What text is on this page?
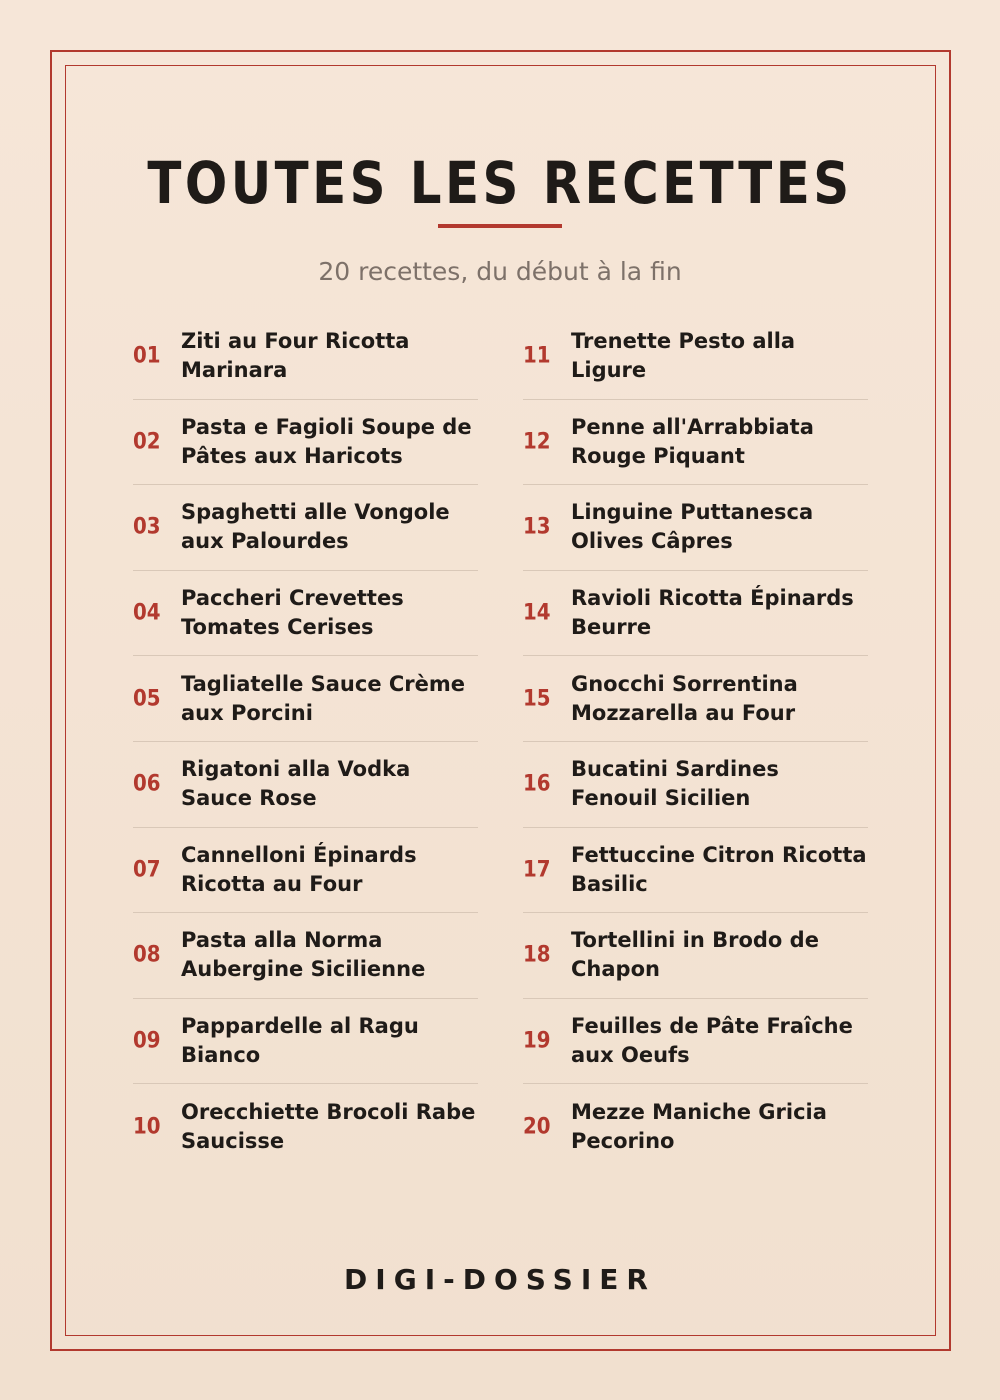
TOUTES LES RECETTES
20 recettes, du début à la fin
01
Ziti au Four Ricotta Marinara
02
Pasta e Fagioli Soupe de Pâtes aux Haricots
03
Spaghetti alle Vongole aux Palourdes
04
Paccheri Crevettes Tomates Cerises
05
Tagliatelle Sauce Crème aux Porcini
06
Rigatoni alla Vodka Sauce Rose
07
Cannelloni Épinards Ricotta au Four
08
Pasta alla Norma Aubergine Sicilienne
09
Pappardelle al Ragu Bianco
10
Orecchiette Brocoli Rabe Saucisse
11
Trenette Pesto alla Ligure
12
Penne all'Arrabbiata Rouge Piquant
13
Linguine Puttanesca Olives Câpres
14
Ravioli Ricotta Épinards Beurre
15
Gnocchi Sorrentina Mozzarella au Four
16
Bucatini Sardines Fenouil Sicilien
17
Fettuccine Citron Ricotta Basilic
18
Tortellini in Brodo de Chapon
19
Feuilles de Pâte Fraîche aux Oeufs
20
Mezze Maniche Gricia Pecorino
DIGI-DOSSIER
